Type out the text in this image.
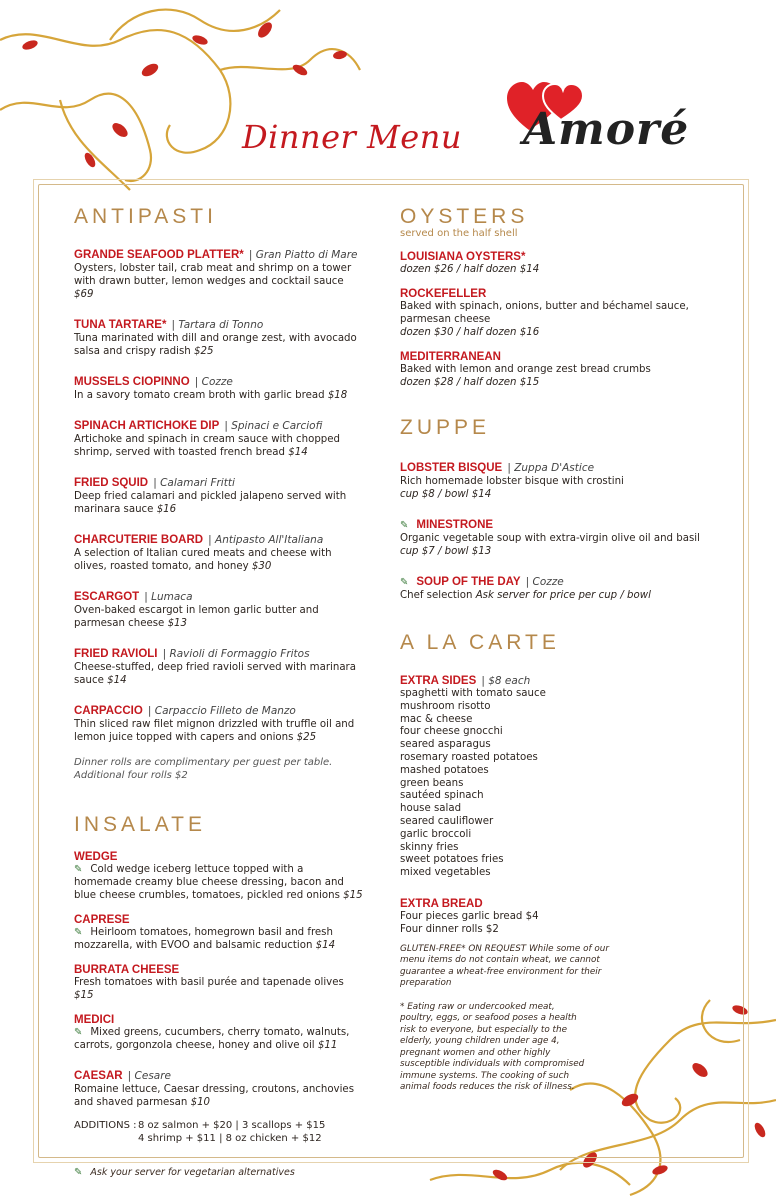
Dinner Menu Amoré
ANTIPASTI
GRANDE SEAFOOD PLATTER* | Gran Piatto di Mare
Oysters, lobster tail, crab meat and shrimp on a tower with drawn butter, lemon wedges and cocktail sauce $69
TUNA TARTARE* | Tartara di Tonno
Tuna marinated with dill and orange zest, with avocado salsa and crispy radish $25
MUSSELS CIOPINNO | Cozze
In a savory tomato cream broth with garlic bread $18
SPINACH ARTICHOKE DIP | Spinaci e Carciofi
Artichoke and spinach in cream sauce with chopped shrimp, served with toasted french bread $14
FRIED SQUID | Calamari Fritti
Deep fried calamari and pickled jalapeno served with marinara sauce $16
CHARCUTERIE BOARD | Antipasto All'Italiana
A selection of Italian cured meats and cheese with olives, roasted tomato, and honey $30
ESCARGOT | Lumaca
Oven-baked escargot in lemon garlic butter and parmesan cheese $13
FRIED RAVIOLI | Ravioli di Formaggio Fritos
Cheese-stuffed, deep fried ravioli served with marinara sauce $14
CARPACCIO | Carpaccio Filleto de Manzo
Thin sliced raw filet mignon drizzled with truffle oil and lemon juice topped with capers and onions $25
Dinner rolls are complimentary per guest per table. Additional four rolls $2
INSALATE
WEDGE
✎ Cold wedge iceberg lettuce topped with a homemade creamy blue cheese dressing, bacon and blue cheese crumbles, tomatoes, pickled red onions $15
CAPRESE
✎ Heirloom tomatoes, homegrown basil and fresh mozzarella, with EVOO and balsamic reduction $14
BURRATA CHEESE
Fresh tomatoes with basil purée and tapenade olives $15
MEDICI
✎ Mixed greens, cucumbers, cherry tomato, walnuts, carrots, gorgonzola cheese, honey and olive oil $11
CAESAR | Cesare
Romaine lettuce, Caesar dressing, croutons, anchovies and shaved parmesan $10
ADDITIONS : 8 oz salmon + $20 | 3 scallops + $15
4 shrimp + $11 | 8 oz chicken + $12
✎ Ask your server for vegetarian alternatives
OYSTERS
served on the half shell
LOUISIANA OYSTERS*
dozen $26 / half dozen $14
ROCKEFELLER
Baked with spinach, onions, butter and béchamel sauce, parmesan cheese
dozen $30 / half dozen $16
MEDITERRANEAN
Baked with lemon and orange zest bread crumbs
dozen $28 / half dozen $15
ZUPPE
LOBSTER BISQUE | Zuppa D'Astice
Rich homemade lobster bisque with crostini
cup $8 / bowl $14
✎ MINESTRONE
Organic vegetable soup with extra-virgin olive oil and basil
cup $7 / bowl $13
✎ SOUP OF THE DAY | Cozze
Chef selection Ask server for price per cup / bowl
A LA CARTE
EXTRA SIDES | $8 each
spaghetti with tomato sauce
mushroom risotto
mac & cheese
four cheese gnocchi
seared asparagus
rosemary roasted potatoes
mashed potatoes
green beans
sautéed spinach
house salad
seared cauliflower
garlic broccoli
skinny fries
sweet potatoes fries
mixed vegetables
EXTRA BREAD
Four pieces garlic bread $4
Four dinner rolls $2
GLUTEN-FREE* ON REQUEST While some of our menu items do not contain wheat, we cannot guarantee a wheat-free environment for their preparation
* Eating raw or undercooked meat, poultry, eggs, or seafood poses a health risk to everyone, but especially to the elderly, young children under age 4, pregnant women and other highly susceptible individuals with compromised immune systems. The cooking of such animal foods reduces the risk of illness.
